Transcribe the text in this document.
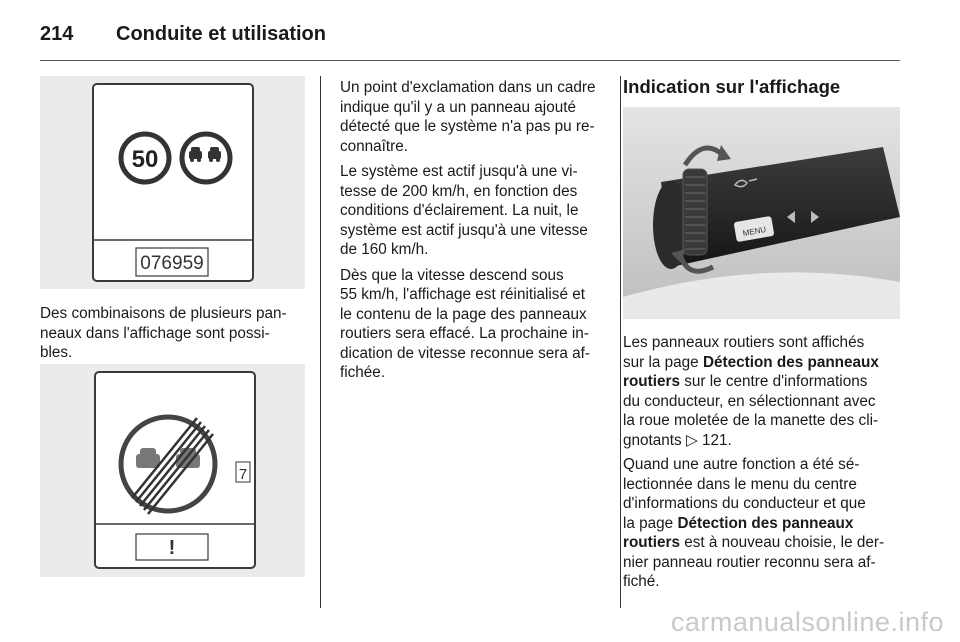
214	Conduite et utilisation
50
076959
Des combinaisons de plusieurs pan-
neaux dans l'affichage sont possi-
bles.
7
!

Un point d'exclamation dans un cadre
indique qu'il y a un panneau ajouté
détecté que le système n'a pas pu re-
connaître.

Le système est actif jusqu'à une vi-
tesse de 200 km/h, en fonction des
conditions d'éclairement. La nuit, le
système est actif jusqu'à une vitesse
de 160 km/h.

Dès que la vitesse descend sous
55 km/h, l'affichage est réinitialisé et
le contenu de la page des panneaux
routiers sera effacé. La prochaine in-
dication de vitesse reconnue sera af-
fichée.

Indication sur l'affichage
MENU
Les panneaux routiers sont affichés
sur la page Détection des panneaux
routiers sur le centre d'informations
du conducteur, en sélectionnant avec
la roue moletée de la manette des cli-
gnotants ▷ 121.
Quand une autre fonction a été sé-
lectionnée dans le menu du centre
d'informations du conducteur et que
la page Détection des panneaux
routiers est à nouveau choisie, le der-
nier panneau routier reconnu sera af-
fiché.
carmanualsonline.info
